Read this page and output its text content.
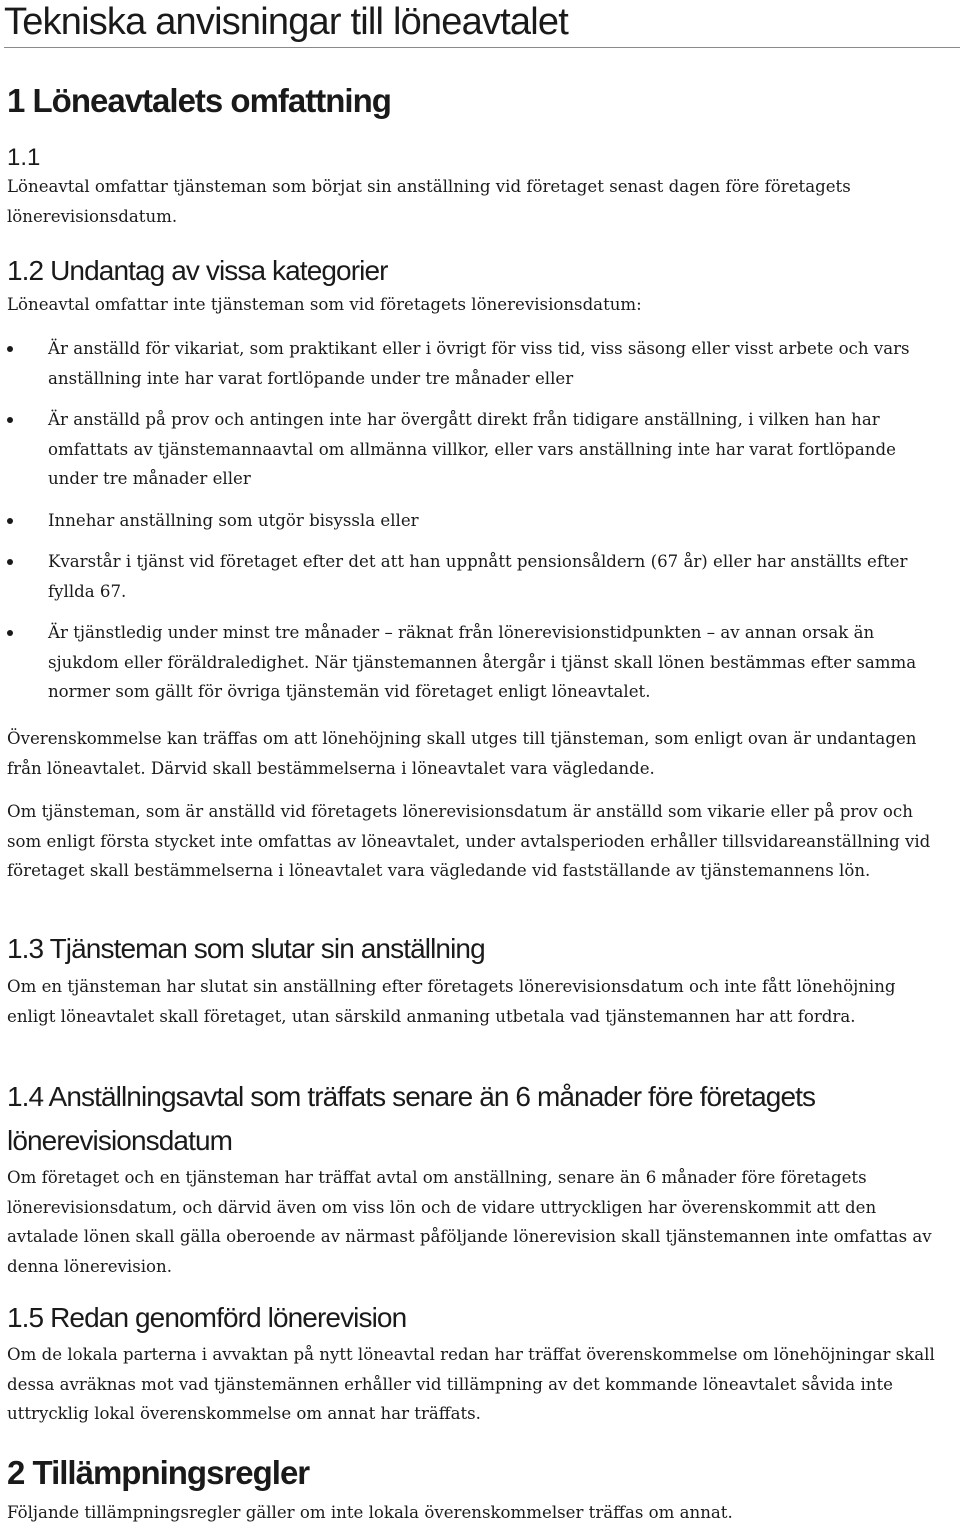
Tekniska anvisningar till löneavtalet
1 Löneavtalets omfattning
1.1

Löneavtal omfattar tjänsteman som börjat sin anställning vid företaget senast dagen före företagets lönerevisionsdatum.

1.2 Undantag av vissa kategorier

Löneavtal omfattar inte tjänsteman som vid företagets lönerevisionsdatum:

Är anställd för vikariat, som praktikant eller i övrigt för viss tid, viss säsong eller visst arbete och vars anställning inte har varat fortlöpande under tre månader eller
Är anställd på prov och antingen inte har övergått direkt från tidigare anställning, i vilken han har omfattats av tjänstemannaavtal om allmänna villkor, eller vars anställning inte har varat fortlöpande under tre månader eller
Innehar anställning som utgör bisyssla eller
Kvarstår i tjänst vid företaget efter det att han uppnått pensionsåldern (67 år) eller har anställts efter fyllda 67.
Är tjänstledig under minst tre månader – räknat från lönerevisionstidpunkten – av annan orsak än sjukdom eller föräldraledighet. När tjänstemannen återgår i tjänst skall lönen bestämmas efter samma normer som gällt för övriga tjänstemän vid företaget enligt löneavtalet.

Överenskommelse kan träffas om att lönehöjning skall utges till tjänsteman, som enligt ovan är undantagen från löneavtalet. Därvid skall bestämmelserna i löneavtalet vara vägledande.

Om tjänsteman, som är anställd vid företagets lönerevisionsdatum är anställd som vikarie eller på prov och som enligt första stycket inte omfattas av löneavtalet, under avtalsperioden erhåller tillsvidareanställning vid företaget skall bestämmelserna i löneavtalet vara vägledande vid fastställande av tjänstemannens lön.

1.3 Tjänsteman som slutar sin anställning

Om en tjänsteman har slutat sin anställning efter företagets lönerevisionsdatum och inte fått lönehöjning enligt löneavtalet skall företaget, utan särskild anmaning utbetala vad tjänstemannen har att fordra.

1.4 Anställningsavtal som träffats senare än 6 månader före företagets lönerevisionsdatum

Om företaget och en tjänsteman har träffat avtal om anställning, senare än 6 månader före företagets lönerevisionsdatum, och därvid även om viss lön och de vidare uttryckligen har överenskommit att den avtalade lönen skall gälla oberoende av närmast påföljande lönerevision skall tjänstemannen inte omfattas av denna lönerevision.

1.5 Redan genomförd lönerevision

Om de lokala parterna i avvaktan på nytt löneavtal redan har träffat överenskommelse om lönehöjningar skall dessa avräknas mot vad tjänstemännen erhåller vid tillämpning av det kommande löneavtalet såvida inte uttrycklig lokal överenskommelse om annat har träffats.

2 Tillämpningsregler

Följande tillämpningsregler gäller om inte lokala överenskommelser träffas om annat.
